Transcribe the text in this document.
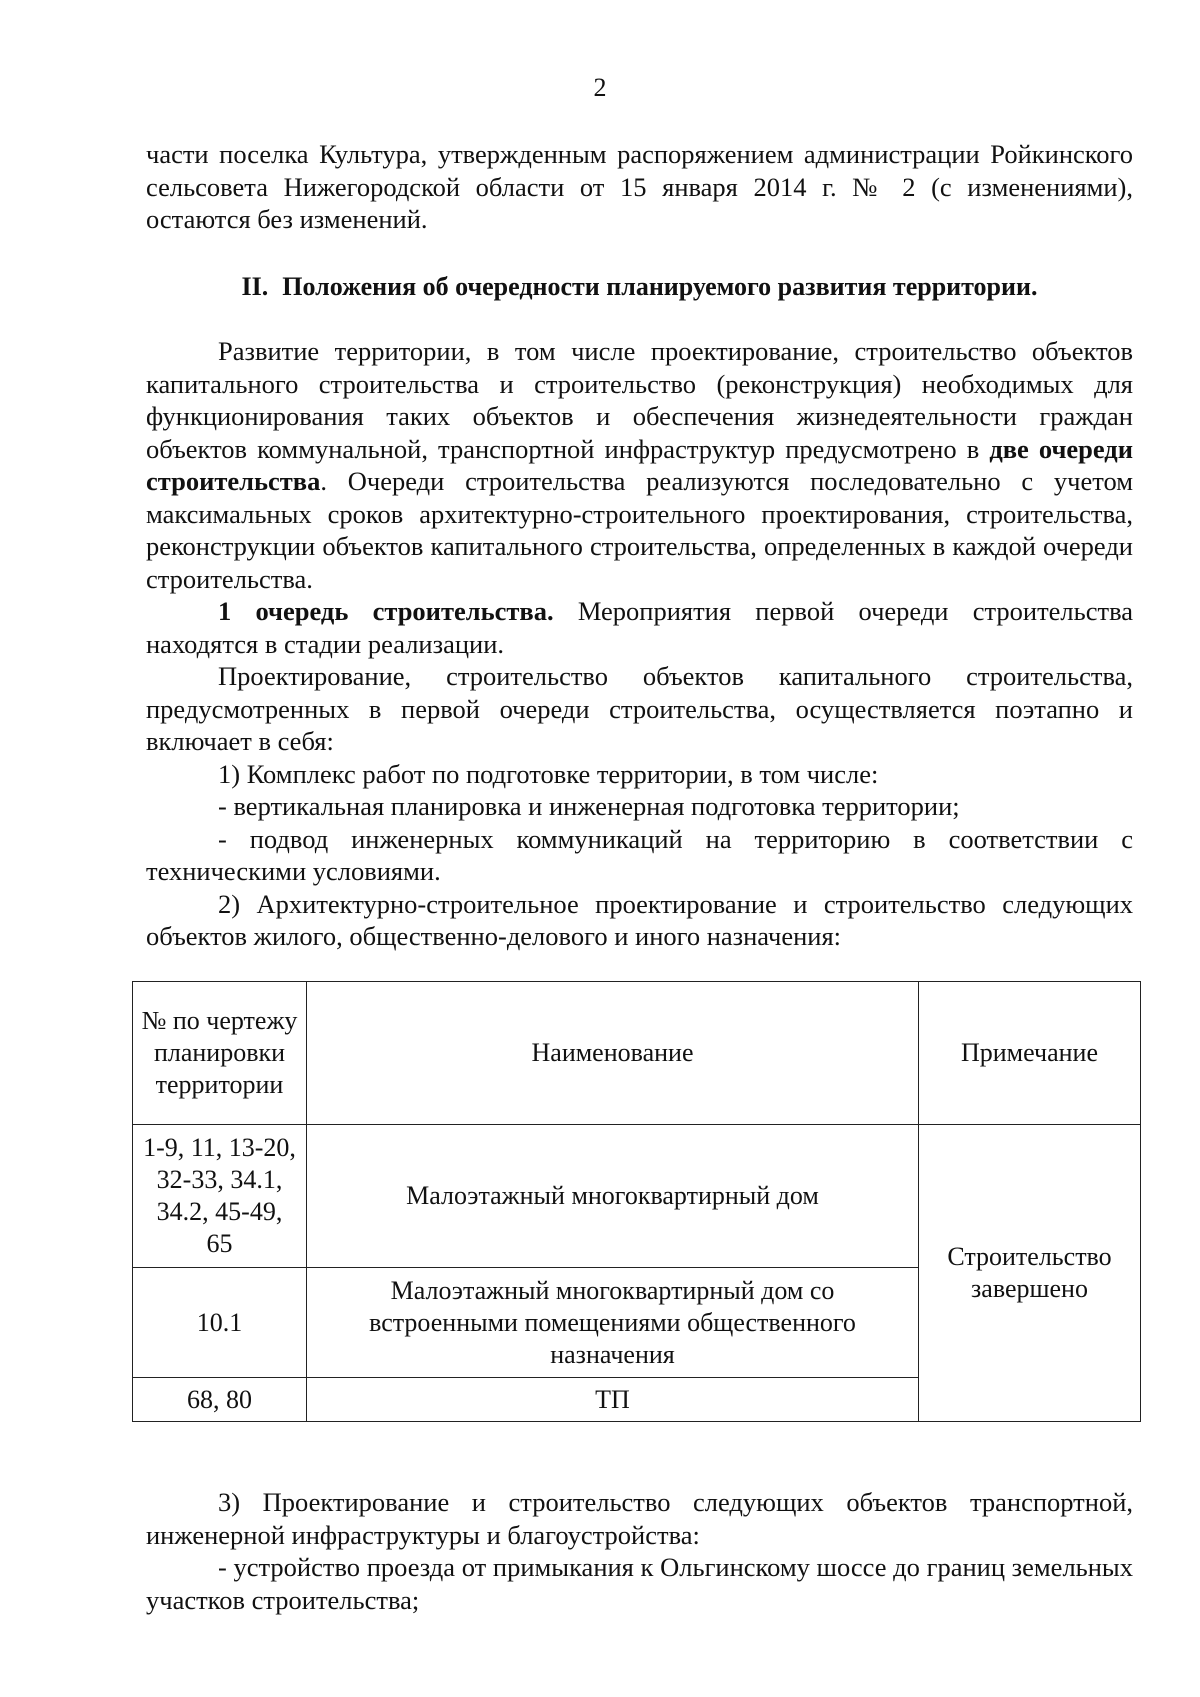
2

части поселка Культура, утвержденным распоряжением администрации Ройкинского сельсовета Нижегородской области от 15 января 2014 г. № 2 (с изменениями), остаются без изменений.

II. Положения об очередности планируемого развития территории.

Развитие территории, в том числе проектирование, строительство объектов капитального строительства и строительство (реконструкция) необходимых для функционирования таких объектов и обеспечения жизнедеятельности граждан объектов коммунальной, транспортной инфраструктур предусмотрено в две очереди строительства. Очереди строительства реализуются последовательно с учетом максимальных сроков архитектурно-строительного проектирования, строительства, реконструкции объектов капитального строительства, определенных в каждой очереди строительства.

1 очередь строительства. Мероприятия первой очереди строительства находятся в стадии реализации.

Проектирование, строительство объектов капитального строительства, предусмотренных в первой очереди строительства, осуществляется поэтапно и включает в себя:

1) Комплекс работ по подготовке территории, в том числе:

- вертикальная планировка и инженерная подготовка территории;

- подвод инженерных коммуникаций на территорию в соответствии с техническими условиями.

2) Архитектурно-строительное проектирование и строительство следующих объектов жилого, общественно-делового и иного назначения:

№ по чертежу планировки территории	Наименование	Примечание
1-9, 11, 13-20, 32-33, 34.1, 34.2, 45-49, 65	Малоэтажный многоквартирный дом	Строительство завершено
10.1	Малоэтажный многоквартирный дом со встроенными помещениями общественного назначения	
68, 80	ТП	

3) Проектирование и строительство следующих объектов транспортной, инженерной инфраструктуры и благоустройства:

- устройство проезда от примыкания к Ольгинскому шоссе до границ земельных участков строительства;
